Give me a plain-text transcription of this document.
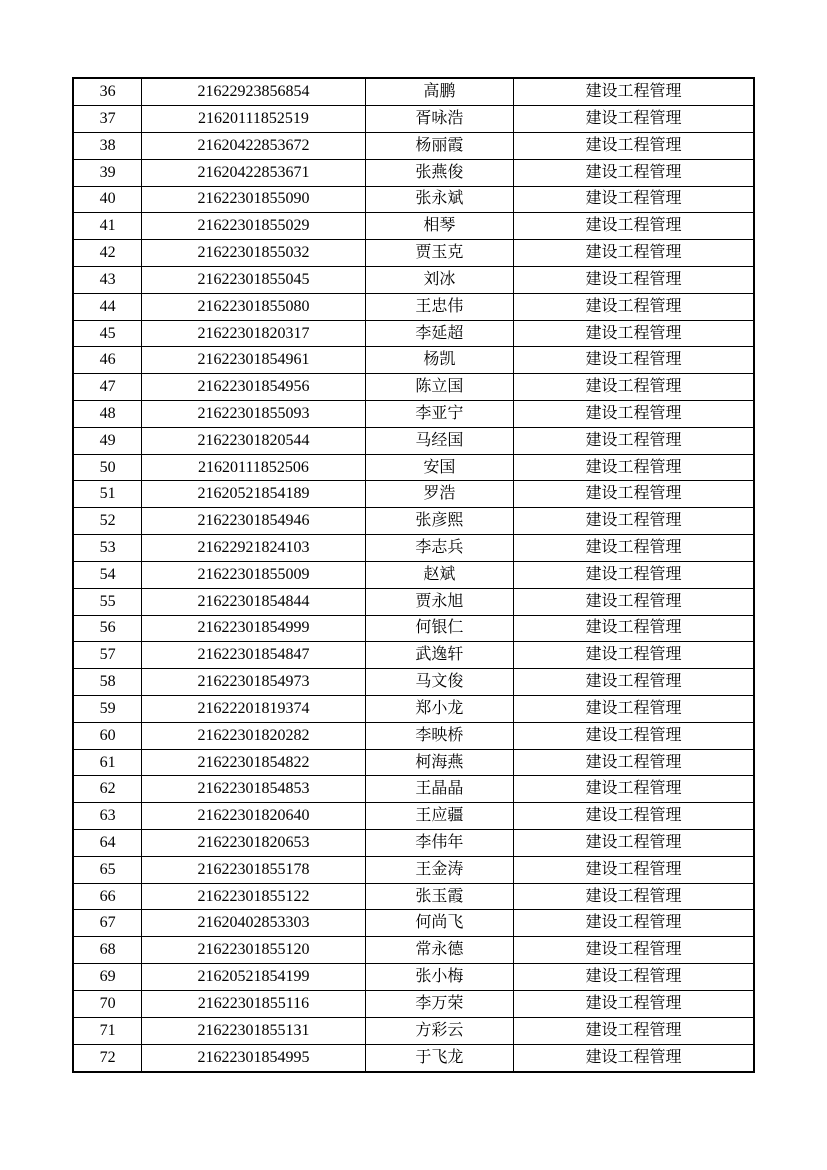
36	21622923856854	高鹏	建设工程管理
37	21620111852519	胥咏浩	建设工程管理
38	21620422853672	杨丽霞	建设工程管理
39	21620422853671	张燕俊	建设工程管理
40	21622301855090	张永斌	建设工程管理
41	21622301855029	相琴	建设工程管理
42	21622301855032	贾玉克	建设工程管理
43	21622301855045	刘冰	建设工程管理
44	21622301855080	王忠伟	建设工程管理
45	21622301820317	李延超	建设工程管理
46	21622301854961	杨凯	建设工程管理
47	21622301854956	陈立国	建设工程管理
48	21622301855093	李亚宁	建设工程管理
49	21622301820544	马经国	建设工程管理
50	21620111852506	安国	建设工程管理
51	21620521854189	罗浩	建设工程管理
52	21622301854946	张彦熙	建设工程管理
53	21622921824103	李志兵	建设工程管理
54	21622301855009	赵斌	建设工程管理
55	21622301854844	贾永旭	建设工程管理
56	21622301854999	何银仁	建设工程管理
57	21622301854847	武逸轩	建设工程管理
58	21622301854973	马文俊	建设工程管理
59	21622201819374	郑小龙	建设工程管理
60	21622301820282	李映桥	建设工程管理
61	21622301854822	柯海燕	建设工程管理
62	21622301854853	王晶晶	建设工程管理
63	21622301820640	王应疆	建设工程管理
64	21622301820653	李伟年	建设工程管理
65	21622301855178	王金涛	建设工程管理
66	21622301855122	张玉霞	建设工程管理
67	21620402853303	何尚飞	建设工程管理
68	21622301855120	常永德	建设工程管理
69	21620521854199	张小梅	建设工程管理
70	21622301855116	李万荣	建设工程管理
71	21622301855131	方彩云	建设工程管理
72	21622301854995	于飞龙	建设工程管理
